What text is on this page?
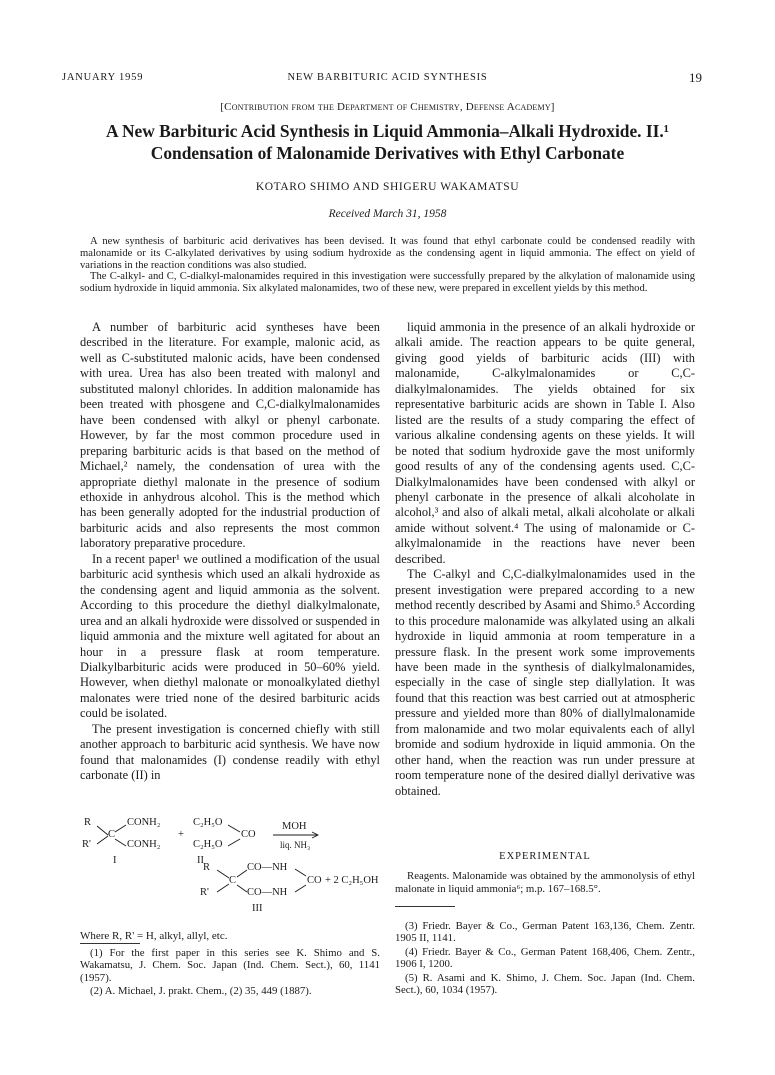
JANUARY 1959	NEW BARBITURIC ACID SYNTHESIS	19
[Contribution from the Department of Chemistry, Defense Academy]
A New Barbituric Acid Synthesis in Liquid Ammonia–Alkali Hydroxide. II.¹ Condensation of Malonamide Derivatives with Ethyl Carbonate
KOTARO SHIMO AND SHIGERU WAKAMATSU
Received March 31, 1958

A new synthesis of barbituric acid derivatives has been devised. It was found that ethyl carbonate could be condensed readily with malonamide or its C-alkylated derivatives by using sodium hydroxide as the condensing agent in liquid ammonia. The effect on yield of variations in the reaction conditions was also studied.

The C-alkyl- and C, C-dialkyl-malonamides required in this investigation were successfully prepared by the alkylation of malonamide using sodium hydroxide in liquid ammonia. Six alkylated malonamides, two of these new, were prepared in excellent yields by this method.

A number of barbituric acid syntheses have been described in the literature. For example, malonic acid, as well as C-substituted malonic acids, have been condensed with urea. Urea has also been treated with malonyl and substituted malonyl chlorides. In addition malonamide has been treated with phosgene and C,C-dialkylmalonamides have been condensed with alkyl or phenyl carbonate. However, by far the most common procedure used in preparing barbituric acids is that based on the method of Michael,² namely, the condensation of urea with the appropriate diethyl malonate in the presence of sodium ethoxide in anhydrous alcohol. This is the method which has been generally adopted for the industrial production of barbituric acids and also represents the most common laboratory preparative procedure.

In a recent paper¹ we outlined a modification of the usual barbituric acid synthesis which used an alkali hydroxide as the condensing agent and liquid ammonia as the solvent. According to this procedure the diethyl dialkylmalonate, urea and an alkali hydroxide were dissolved or suspended in liquid ammonia and the mixture well agitated for about an hour in a pressure flask at room temperature. Dialkylbarbituric acids were produced in 50–60% yield. However, when diethyl malonate or monoalkylated diethyl malonates were tried none of the desired barbituric acids could be isolated.

The present investigation is concerned chiefly with still another approach to barbituric acid synthesis. We have now found that malonamides (I) condense readily with ethyl carbonate (II) in

liquid ammonia in the presence of an alkali hydroxide or alkali amide. The reaction appears to be quite general, giving good yields of barbituric acids (III) with malonamide, C-alkylmalonamides or C,C-dialkylmalonamides. The yields obtained for six representative barbituric acids are shown in Table I. Also listed are the results of a study comparing the effect of various alkaline condensing agents on these yields. It will be noted that sodium hydroxide gave the most uniformly good results of any of the condensing agents used. C,C-Dialkylmalonamides have been condensed with alkyl or phenyl carbonate in the presence of alkali alcoholate in alcohol,³ and also of alkali metal, alkali alcoholate or alkali amide without solvent.⁴ The using of malonamide or C-alkylmalonamide in the reactions have never been described.

The C-alkyl and C,C-dialkylmalonamides used in the present investigation were prepared according to a new method recently described by Asami and Shimo.⁵ According to this procedure malonamide was alkylated using an alkali hydroxide in liquid ammonia at room temperature in a pressure flask. In the present work some improvements have been made in the synthesis of dialkylmalonamides, especially in the case of single step diallylation. It was found that this reaction was best carried out at atmospheric pressure and yielded more than 80% of diallylmalonamide from malonamide and two molar equivalents each of allyl bromide and sodium hydroxide in liquid ammonia. On the other hand, when the reaction was run under pressure at room temperature none of the desired diallyl derivative was obtained.

R
R'
C
CONH₂
CONH₂
+
C₂H₅O
C₂H₅O
CO
MOH
liq. NH₃
I	II
R
R'
C
CO—NH
CO—NH
CO + 2 C₂H₅OH
III
Where R, R' = H, alkyl, allyl, etc.

(1) For the first paper in this series see K. Shimo and S. Wakamatsu, J. Chem. Soc. Japan (Ind. Chem. Sect.), 60, 1141 (1957).

(2) A. Michael, J. prakt. Chem., (2) 35, 449 (1887).

EXPERIMENTAL

Reagents. Malonamide was obtained by the ammonolysis of ethyl malonate in liquid ammonia⁶; m.p. 167–168.5°.

(3) Friedr. Bayer & Co., German Patent 163,136, Chem. Zentr. 1905 II, 1141.

(4) Friedr. Bayer & Co., German Patent 168,406, Chem. Zentr., 1906 I, 1200.

(5) R. Asami and K. Shimo, J. Chem. Soc. Japan (Ind. Chem. Sect.), 60, 1034 (1957).
